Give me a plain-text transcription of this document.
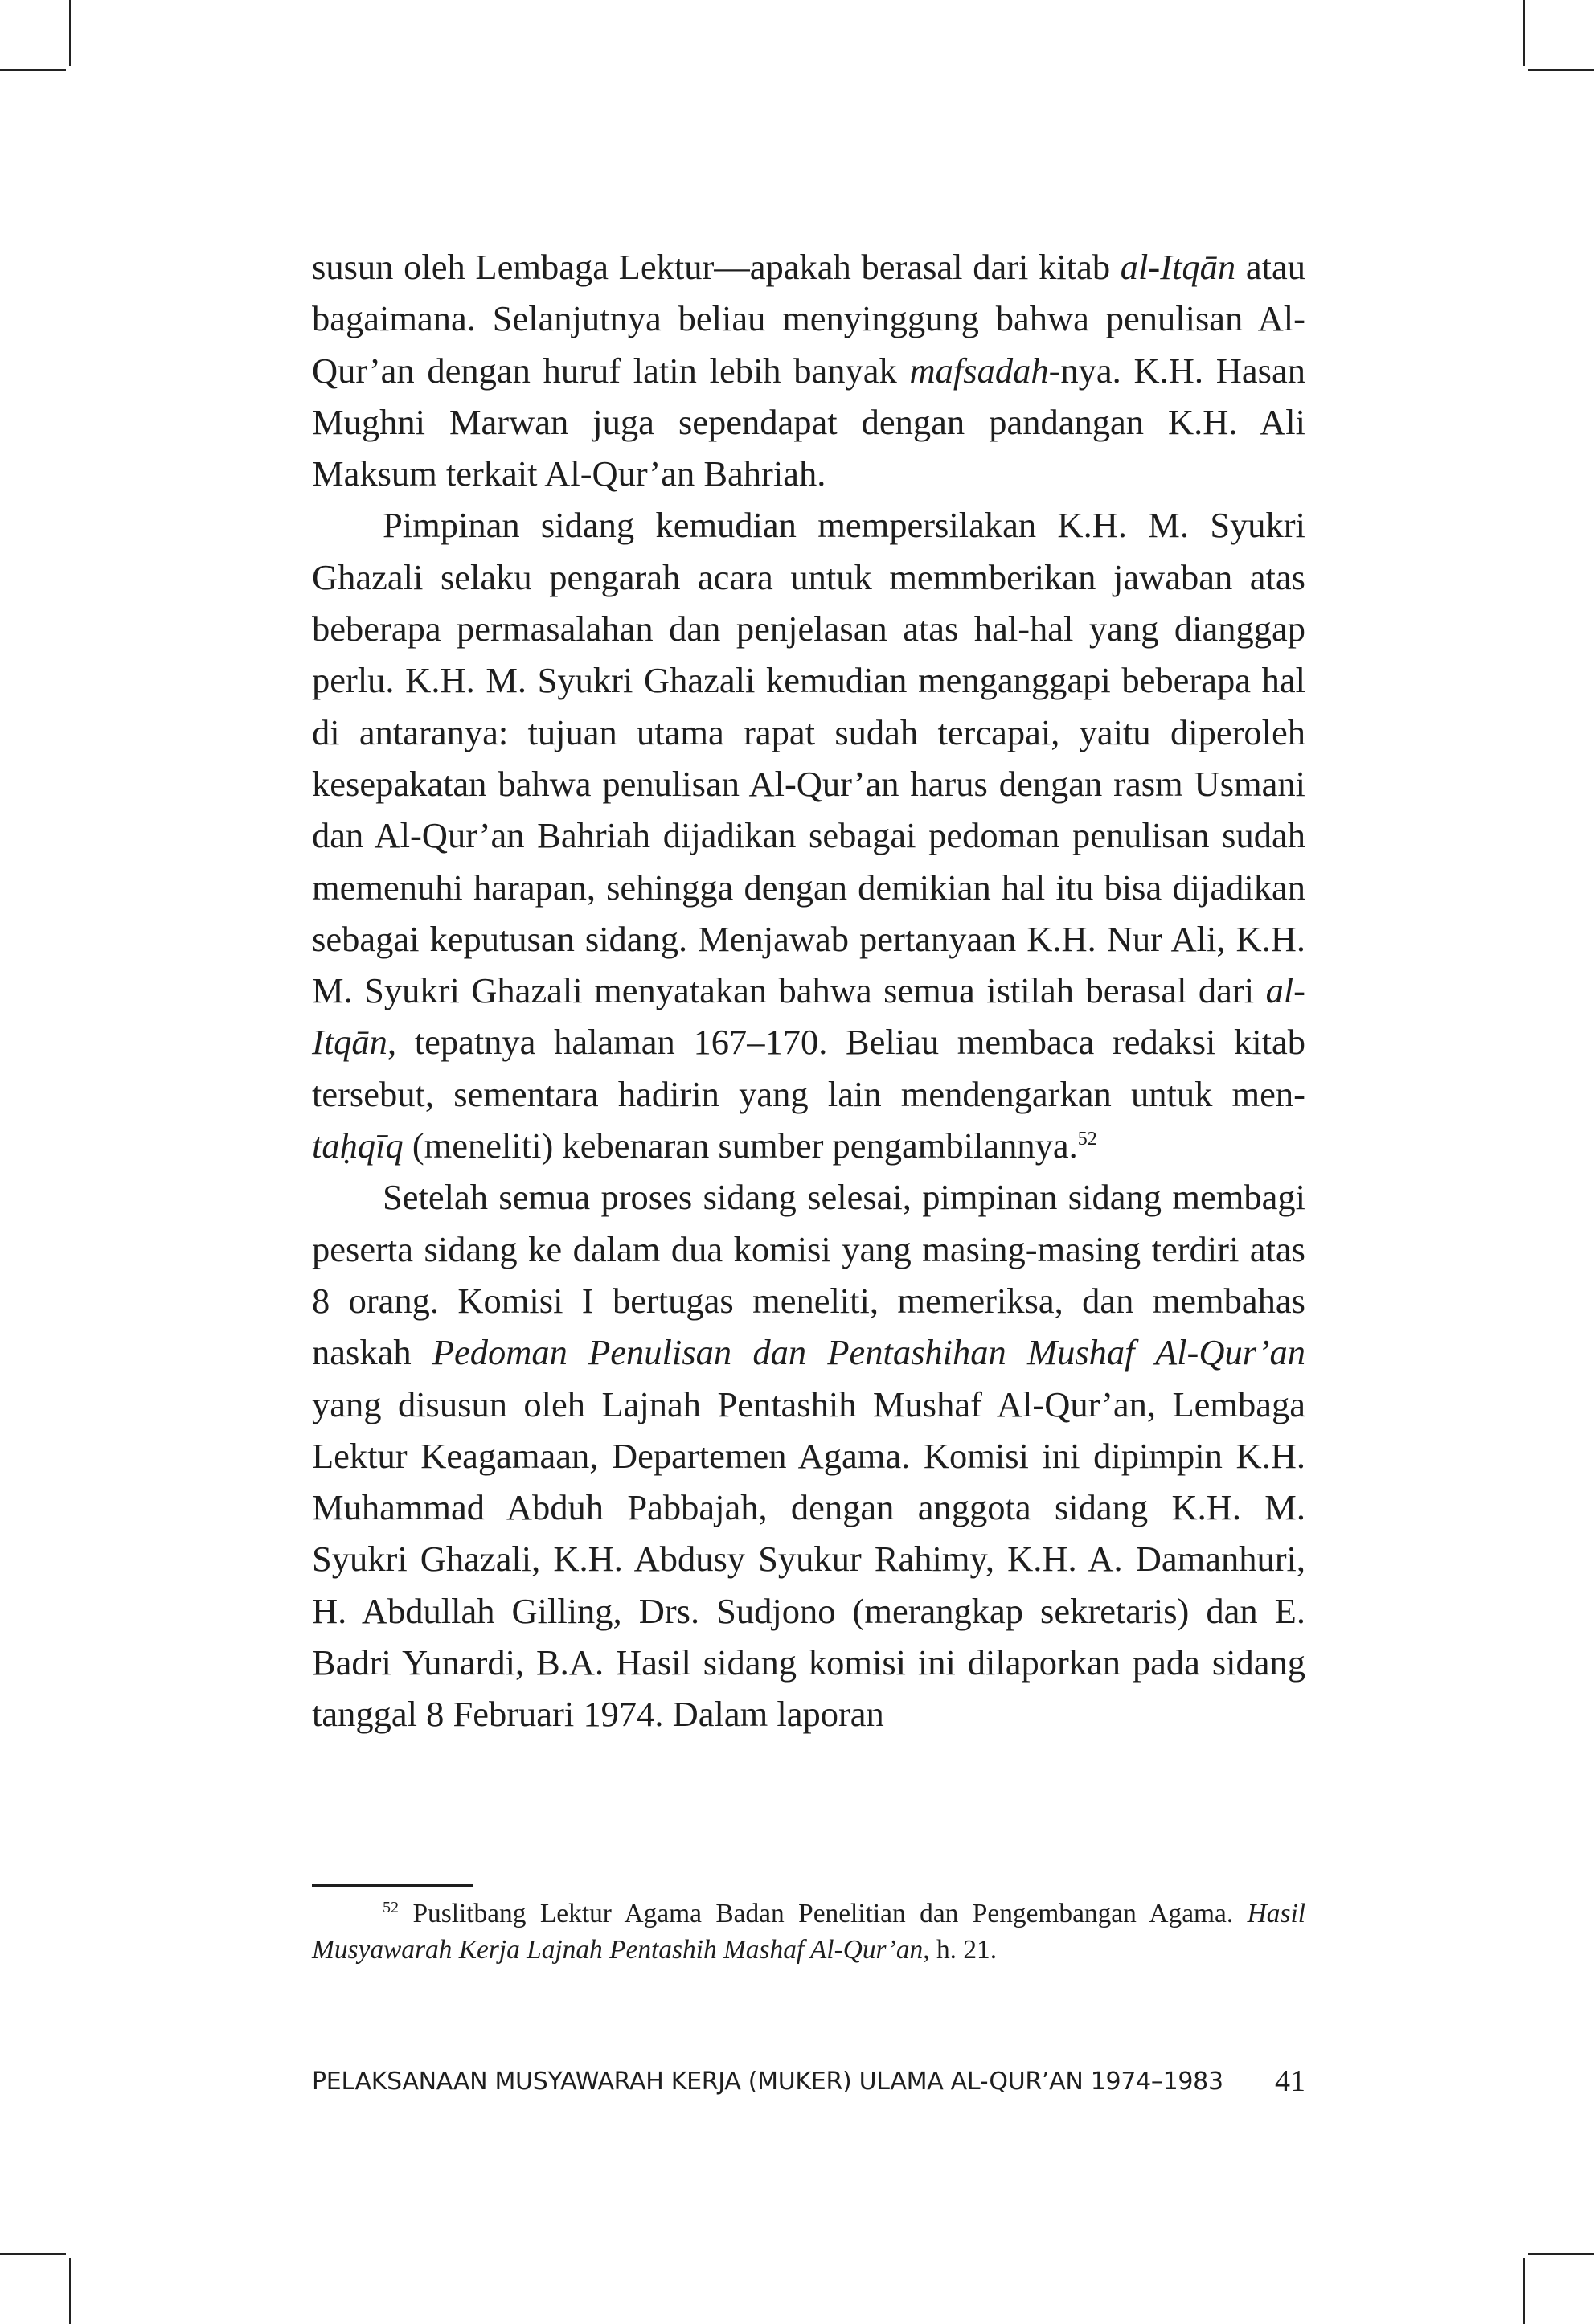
susun oleh Lembaga Lektur—apakah berasal dari kitab al-Itqān atau bagaimana. Selanjutnya beliau menyinggung bahwa penulisan Al-Qur’an dengan huruf latin lebih banyak mafsadah-nya. K.H. Hasan Mughni Marwan juga sependapat dengan pandangan K.H. Ali Maksum terkait Al-Qur’an Bahriah.

Pimpinan sidang kemudian mempersilakan K.H. M. Syukri Ghazali selaku pengarah acara untuk memmberikan jawaban atas beberapa permasalahan dan penjelasan atas hal-hal yang dianggap perlu. K.H. M. Syukri Ghazali kemudian menganggapi beberapa hal di antaranya: tujuan utama rapat sudah tercapai, yaitu diperoleh kesepakatan bahwa penulisan Al-Qur’an harus dengan rasm Usmani dan Al-Qur’an Bahriah dijadikan sebagai pedoman penulisan sudah memenuhi harapan, sehingga dengan demikian hal itu bisa dijadikan sebagai keputusan sidang. Menjawab pertanyaan K.H. Nur Ali, K.H. M. Syukri Ghazali menyatakan bahwa semua istilah berasal dari al-Itqān, tepatnya halaman 167–170. Beliau membaca redaksi kitab tersebut, sementara hadirin yang lain mendengarkan untuk men-taḥqīq (meneliti) kebenaran sumber pengambilannya.$^{52}$

Setelah semua proses sidang selesai, pimpinan sidang membagi peserta sidang ke dalam dua komisi yang masing-masing terdiri atas 8 orang. Komisi I bertugas meneliti, memeriksa, dan membahas naskah Pedoman Penulisan dan Pentashihan Mushaf Al-Qur’an yang disusun oleh Lajnah Pentashih Mushaf Al-Qur’an, Lembaga Lektur Keagamaan, Departemen Agama. Komisi ini dipimpin K.H. Muhammad Abduh Pabbajah, dengan anggota sidang K.H. M. Syukri Ghazali, K.H. Abdusy Syukur Rahimy, K.H. A. Damanhuri, H. Abdullah Gilling, Drs. Sudjono (merangkap sekretaris) dan E. Badri Yunardi, B.A. Hasil sidang komisi ini dilaporkan pada sidang tanggal 8 Februari 1974. Dalam laporan

$^{52}$ Puslitbang Lektur Agama Badan Penelitian dan Pengembangan Agama. Hasil Musyawarah Kerja Lajnah Pentashih Mashaf Al-Qur’an, h. 21.

PELAKSANAAN MUSYAWARAH KERJA (MUKER) ULAMA AL-QUR’AN 1974–1983 41
